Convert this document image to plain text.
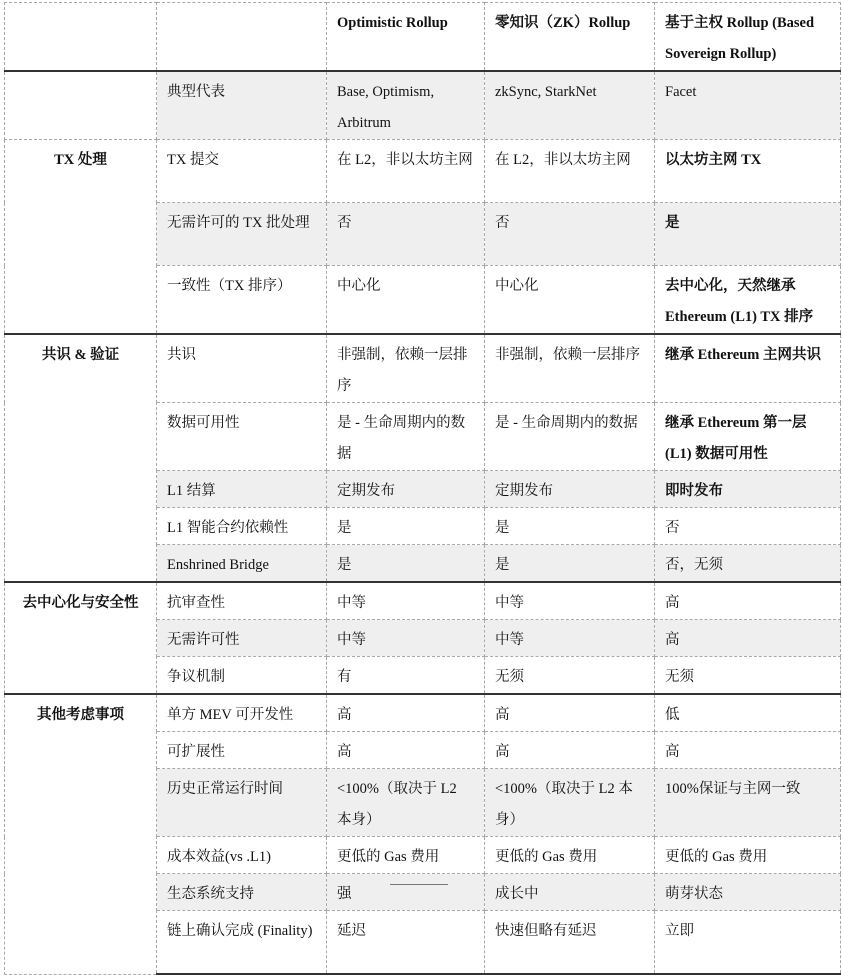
		Optimistic Rollup	零知识（ZK）Rollup	基于主权 Rollup (Based Sovereign Rollup)
	典型代表	Base, Optimism, Arbitrum	zkSync, StarkNet	Facet
TX 处理	TX 提交	在 L2，非以太坊主网	在 L2，非以太坊主网	以太坊主网 TX
	无需许可的 TX 批处理	否	否	是
	一致性（TX 排序）	中心化	中心化	去中心化，天然继承 Ethereum (L1) TX 排序
共识 & 验证	共识	非强制，依赖一层排序	非强制，依赖一层排序	继承 Ethereum 主网共识
	数据可用性	是 - 生命周期内的数据	是 - 生命周期内的数据	继承 Ethereum 第一层 (L1) 数据可用性
	L1 结算	定期发布	定期发布	即时发布
	L1 智能合约依赖性	是	是	否
	Enshrined Bridge	是	是	否，无须
去中心化与安全性	抗审查性	中等	中等	高
	无需许可性	中等	中等	高
	争议机制	有	无须	无须
其他考虑事项	单方 MEV 可开发性	高	高	低
	可扩展性	高	高	高
	历史正常运行时间	<100%（取决于 L2 本身）	<100%（取决于 L2 本身）	100%保证与主网一致
	成本效益(vs .L1)	更低的 Gas 费用	更低的 Gas 费用	更低的 Gas 费用
	生态系统支持	强	成长中	萌芽状态
	链上确认完成 (Finality)	延迟	快速但略有延迟	立即
